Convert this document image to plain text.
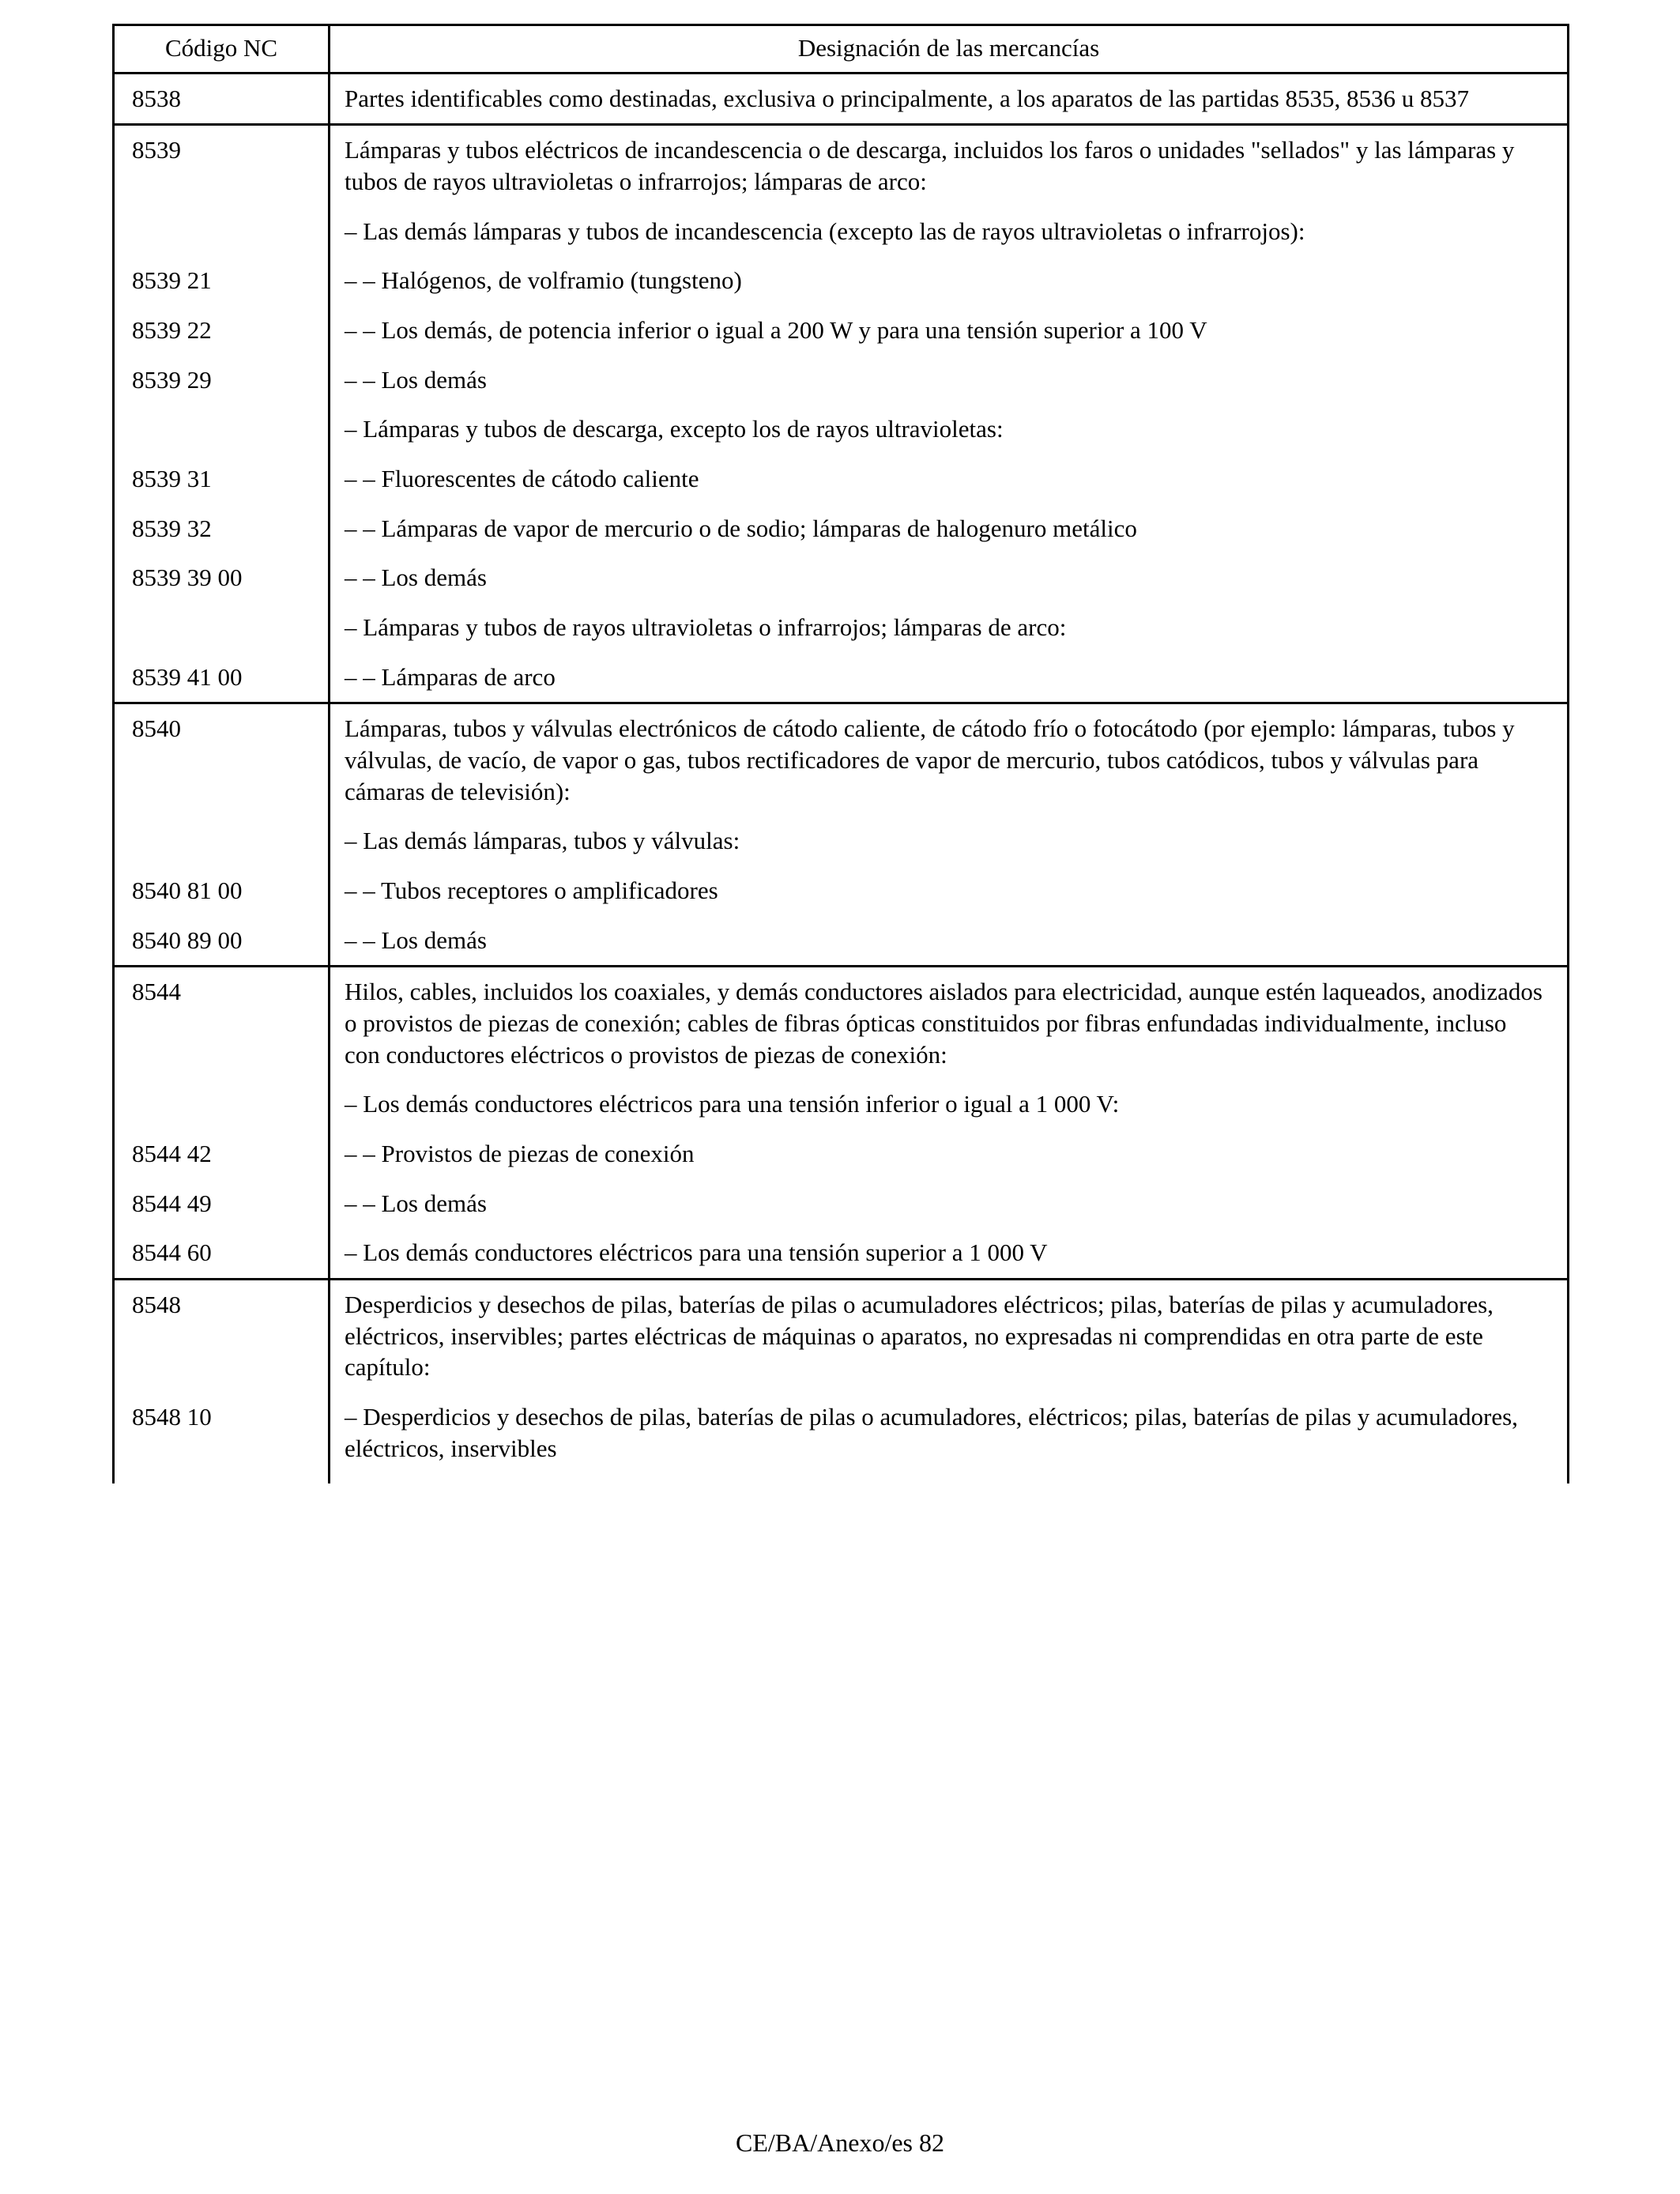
Código NC	Designación de las mercancías
8538	Partes identificables como destinadas, exclusiva o principalmente, a los aparatos de las partidas 8535, 8536 u 8537
8539	Lámparas y tubos eléctricos de incandescencia o de descarga, incluidos los faros o unidades "sellados" y las lámparas y tubos de rayos ultravioletas o infrarrojos; lámparas de arco:
	– Las demás lámparas y tubos de incandescencia (excepto las de rayos ultravioletas o infrarrojos):
8539 21	– – Halógenos, de volframio (tungsteno)
8539 22	– – Los demás, de potencia inferior o igual a 200 W y para una tensión superior a 100 V
8539 29	– – Los demás
	– Lámparas y tubos de descarga, excepto los de rayos ultravioletas:
8539 31	– – Fluorescentes de cátodo caliente
8539 32	– – Lámparas de vapor de mercurio o de sodio; lámparas de halogenuro metálico
8539 39 00	– – Los demás
	– Lámparas y tubos de rayos ultravioletas o infrarrojos; lámparas de arco:
8539 41 00	– – Lámparas de arco
8540	Lámparas, tubos y válvulas electrónicos de cátodo caliente, de cátodo frío o fotocátodo (por ejemplo: lámparas, tubos y válvulas, de vacío, de vapor o gas, tubos rectificadores de vapor de mercurio, tubos catódicos, tubos y válvulas para cámaras de televisión):
	– Las demás lámparas, tubos y válvulas:
8540 81 00	– – Tubos receptores o amplificadores
8540 89 00	– – Los demás
8544	Hilos, cables, incluidos los coaxiales, y demás conductores aislados para electricidad, aunque estén laqueados, anodizados o provistos de piezas de conexión; cables de fibras ópticas constituidos por fibras enfundadas individualmente, incluso con conductores eléctricos o provistos de piezas de conexión:
	– Los demás conductores eléctricos para una tensión inferior o igual a 1 000 V:
8544 42	– – Provistos de piezas de conexión
8544 49	– – Los demás
8544 60	– Los demás conductores eléctricos para una tensión superior a 1 000 V
8548	Desperdicios y desechos de pilas, baterías de pilas o acumuladores eléctricos; pilas, baterías de pilas y acumuladores, eléctricos, inservibles; partes eléctricas de máquinas o aparatos, no expresadas ni comprendidas en otra parte de este capítulo:
8548 10	– Desperdicios y desechos de pilas, baterías de pilas o acumuladores, eléctricos; pilas, baterías de pilas y acumuladores, eléctricos, inservibles
CE/BA/Anexo/es 82
